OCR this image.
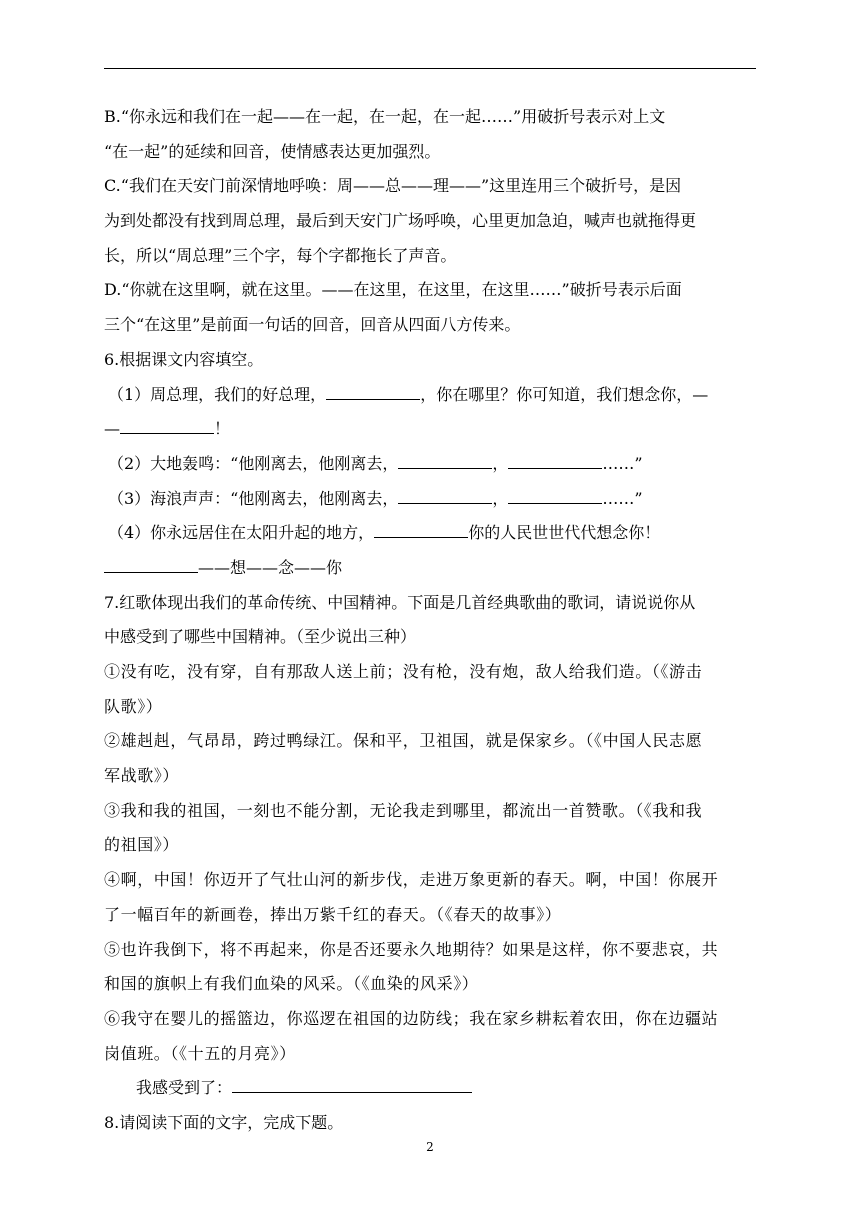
B.“你永远和我们在一起——在一起，在一起，在一起……”用破折号表示对上文
“在一起”的延续和回音，使情感表达更加强烈。
C.“我们在天安门前深情地呼唤：周——总——理——”这里连用三个破折号，是因
为到处都没有找到周总理，最后到天安门广场呼唤，心里更加急迫，喊声也就拖得更
长，所以“周总理”三个字，每个字都拖长了声音。
D.“你就在这里啊，就在这里。——在这里，在这里，在这里……”破折号表示后面
三个“在这里”是前面一句话的回音，回音从四面八方传来。
6.根据课文内容填空。
（1）周总理，我们的好总理，	，你在哪里？你可知道，我们想念你，—
—	！
（2）大地轰鸣：“他刚离去，他刚离去，	，	……”
（3）海浪声声：“他刚离去，他刚离去，	，	……”
（4）你永远居住在太阳升起的地方，	你的人民世世代代想念你！
——想——念——你
7.红歌体现出我们的革命传统、中国精神。下面是几首经典歌曲的歌词，请说说你从
中感受到了哪些中国精神。（至少说出三种）
①没有吃，没有穿，自有那敌人送上前；没有枪，没有炮，敌人给我们造。（《游击
队歌》）
②雄赳赳，气昂昂，跨过鸭绿江。保和平，卫祖国，就是保家乡。（《中国人民志愿
军战歌》）
③我和我的祖国，一刻也不能分割，无论我走到哪里，都流出一首赞歌。（《我和我
的祖国》）
④啊，中国！你迈开了气壮山河的新步伐，走进万象更新的春天。啊，中国！你展开
了一幅百年的新画卷，捧出万紫千红的春天。（《春天的故事》）
⑤也许我倒下，将不再起来，你是否还要永久地期待？如果是这样，你不要悲哀，共
和国的旗帜上有我们血染的风采。（《血染的风采》）
⑥我守在婴儿的摇篮边，你巡逻在祖国的边防线；我在家乡耕耘着农田，你在边疆站
岗值班。（《十五的月亮》）
我感受到了：
8.请阅读下面的文字，完成下题。
2
